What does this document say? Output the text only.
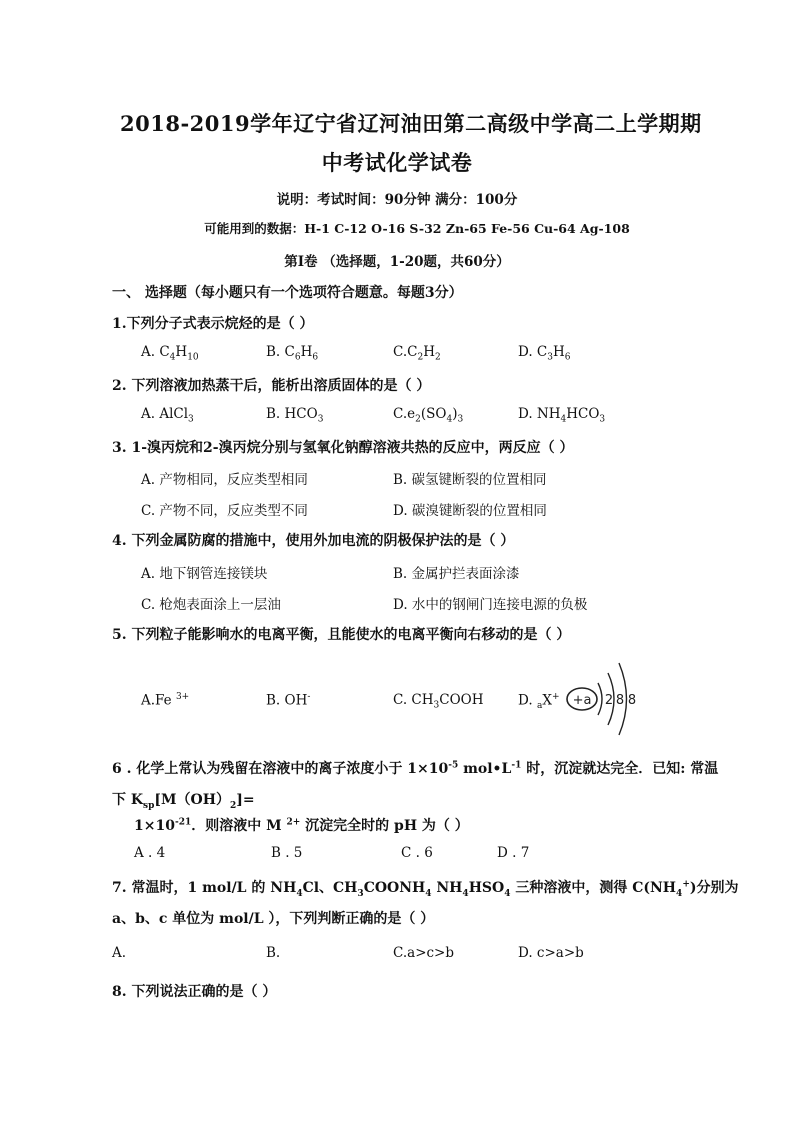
2018-2019学年辽宁省辽河油田第二高级中学高二上学期期
中考试化学试卷
说明：考试时间：90分钟 满分：100分
可能用到的数据：H-1 C-12 O-16 S-32 Zn-65 Fe-56 Cu-64 Ag-108
第Ⅰ卷 （选择题，1-20题，共60分）
一、 选择题（每小题只有一个选项符合题意。每题3分）
1.下列分子式表示烷烃的是（ ）
A. $C_4H_{10}$	B. $C_6H_6$	$C.C_2H_2$	D. $C_3H_6$
2. 下列溶液加热蒸干后，能析出溶质固体的是（ ）
A. AlCl$_3$	B. $HCO_3$	$C.e_2(SO_4)_3$	D. $NH_4HCO_3$
3. 1-溴丙烷和2-溴丙烷分别与氢氧化钠醇溶液共热的反应中，两反应（ ）
A. 产物相同，反应类型相同	B. 碳氢键断裂的位置相同
C. 产物不同，反应类型不同	D. 碳溴键断裂的位置相同
4. 下列金属防腐的措施中，使用外加电流的阴极保护法的是（ ）
A. 地下钢管连接镁块	B. 金属护拦表面涂漆
C. 枪炮表面涂上一层油	D. 水中的钢闸门连接电源的负极
5. 下列粒子能影响水的电离平衡，且能使水的电离平衡向右移动的是（ ）
A.Fe $^{3+}$	B. OH-	C. $CH_3COOH$	D. $_a$X+ +a 2 8 8
6 . 化学上常认为残留在溶液中的离子浓度小于 $1\times 10^{-5}$ $mol•L^{-1}$ 时，沉淀就达完全．已知: 常温
下 $K_{sp}[M(OH)_2]=$
$1\times 10^{-21}$．则溶液中 M $^{2+}$ 沉淀完全时的 pH 为（ ）
A . 4	B . 5	C . 6	D . 7
7. 常温时，1 mol/L 的 $NH_4Cl$、$CH_3COONH_4$ $NH_4HSO_4$ 三种溶液中，测得 $C(NH_4^+)$分别为
a、b、c 单位为 mol/L ），下列判断正确的是（ ）
A.	B.	C.a>c>b	D. c>a>b
8. 下列说法正确的是（ ）
